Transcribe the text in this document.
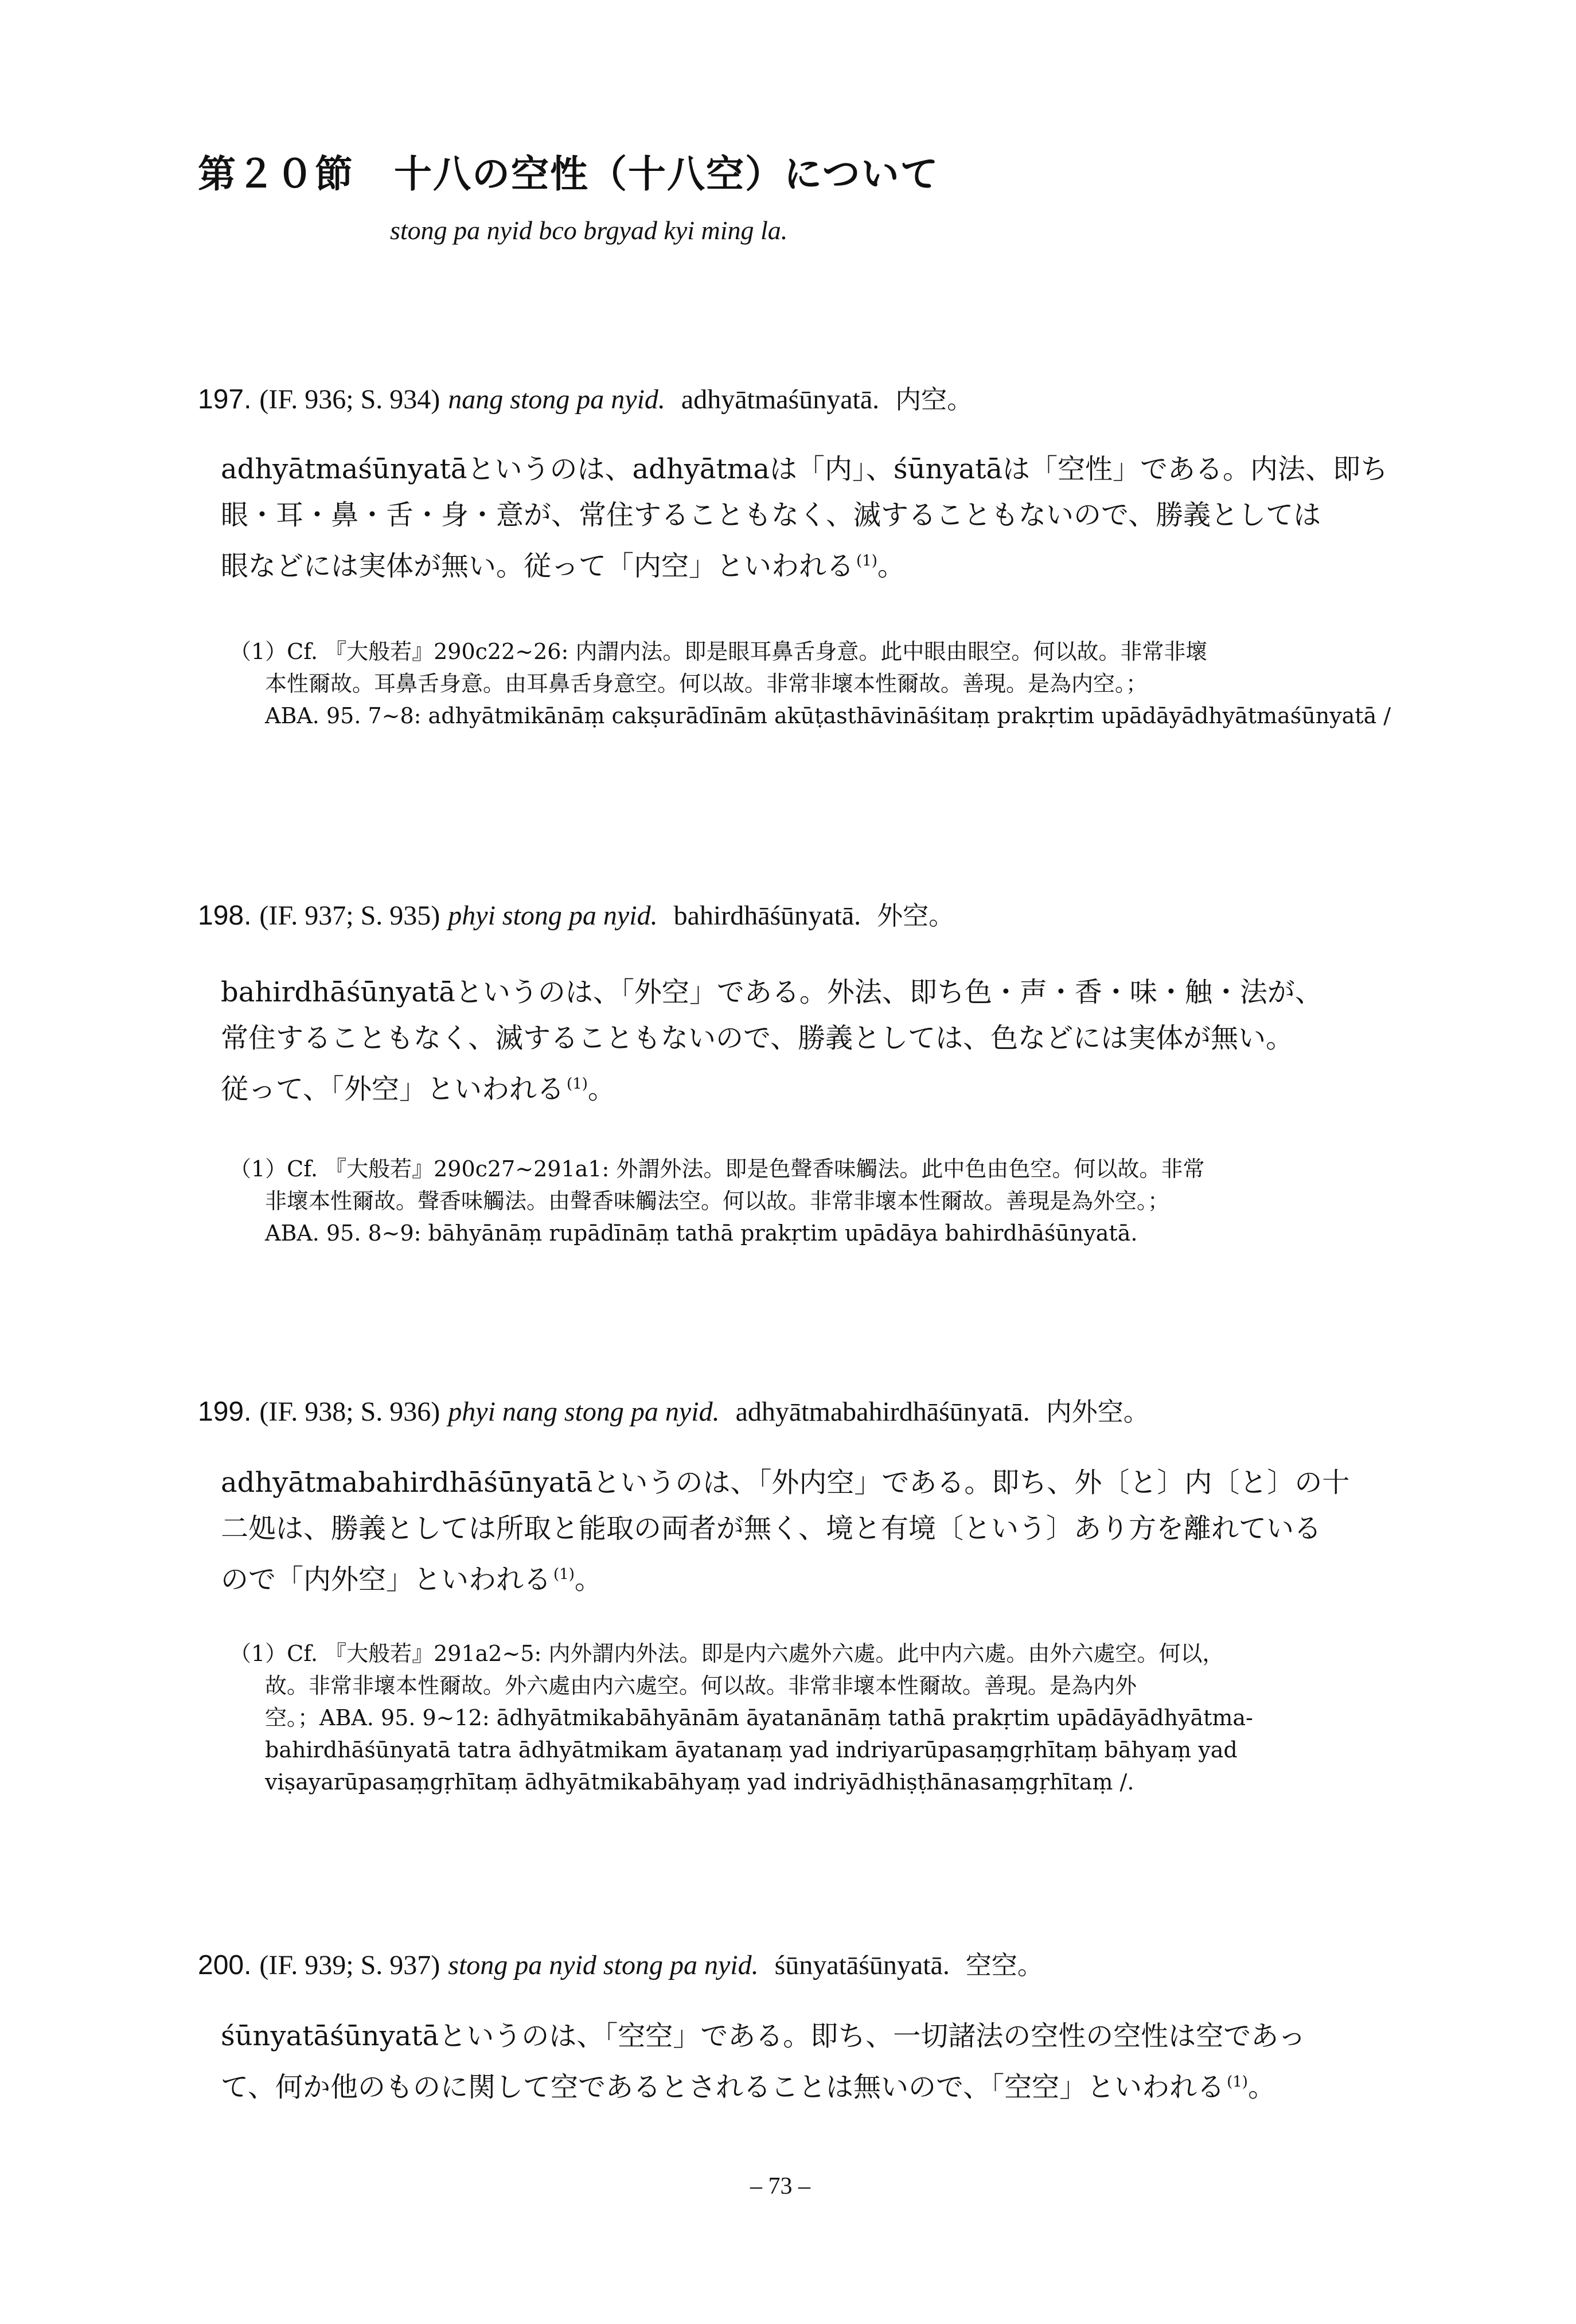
第２０節 十八の空性（十八空）について
stong pa nyid bco brgyad kyi ming la.
197. (IF. 936; S. 934) nang stong pa nyid. adhyātmaśūnyatā. 内空。
adhyātmaśūnyatāというのは、adhyātmaは「内」、śūnyatāは「空性」である。内法、即ち
眼・耳・鼻・舌・身・意が、常住することもなく、滅することもないので、勝義としては
眼などには実体が無い。従って「内空」といわれる $^{(1)}$。
（1）Cf. 『大般若』290c22~26: 内謂内法。即是眼耳鼻舌身意。此中眼由眼空。何以故。非常非壞
本性爾故。耳鼻舌身意。由耳鼻舌身意空。何以故。非常非壞本性爾故。善現。是為内空。；
ABA. 95. 7~8: adhyātmikānāṃ cakṣurādīnām akūṭasthāvināśitaṃ prakṛtim upādāyādhyātmaśūnyatā /
198. (IF. 937; S. 935) phyi stong pa nyid. bahirdhāśūnyatā. 外空。
bahirdhāśūnyatāというのは、「外空」である。外法、即ち色・声・香・味・触・法が、
常住することもなく、滅することもないので、勝義としては、色などには実体が無い。
従って、「外空」といわれる $^{(1)}$。
（1）Cf. 『大般若』290c27~291a1: 外謂外法。即是色聲香味觸法。此中色由色空。何以故。非常
非壞本性爾故。聲香味觸法。由聲香味觸法空。何以故。非常非壞本性爾故。善現是為外空。；
ABA. 95. 8~9: bāhyānāṃ rupādīnāṃ tathā prakṛtim upādāya bahirdhāśūnyatā.
199. (IF. 938; S. 936) phyi nang stong pa nyid. adhyātmabahirdhāśūnyatā. 内外空。
adhyātmabahirdhāśūnyatāというのは、「外内空」である。即ち、外〔と〕内〔と〕の十
二処は、勝義としては所取と能取の両者が無く、境と有境〔という〕あり方を離れている
ので「内外空」といわれる $^{(1)}$。
（1）Cf. 『大般若』291a2~5: 内外謂内外法。即是内六處外六處。此中内六處。由外六處空。何以，
故。非常非壞本性爾故。外六處由内六處空。何以故。非常非壞本性爾故。善現。是為内外
空。；ABA. 95. 9~12: ādhyātmikabāhyānām āyatanānāṃ tathā prakṛtim upādāyādhyātma-
bahirdhāśūnyatā tatra ādhyātmikam āyatanaṃ yad indriyarūpasaṃgṛhītaṃ bāhyaṃ yad
viṣayarūpasaṃgṛhītaṃ ādhyātmikabāhyaṃ yad indriyādhiṣṭhānasaṃgṛhītaṃ /.
200. (IF. 939; S. 937) stong pa nyid stong pa nyid. śūnyatāśūnyatā. 空空。
śūnyatāśūnyatāというのは、「空空」である。即ち、一切諸法の空性の空性は空であっ
て、何か他のものに関して空であるとされることは無いので、「空空」といわれる $^{(1)}$。
– 73 –
